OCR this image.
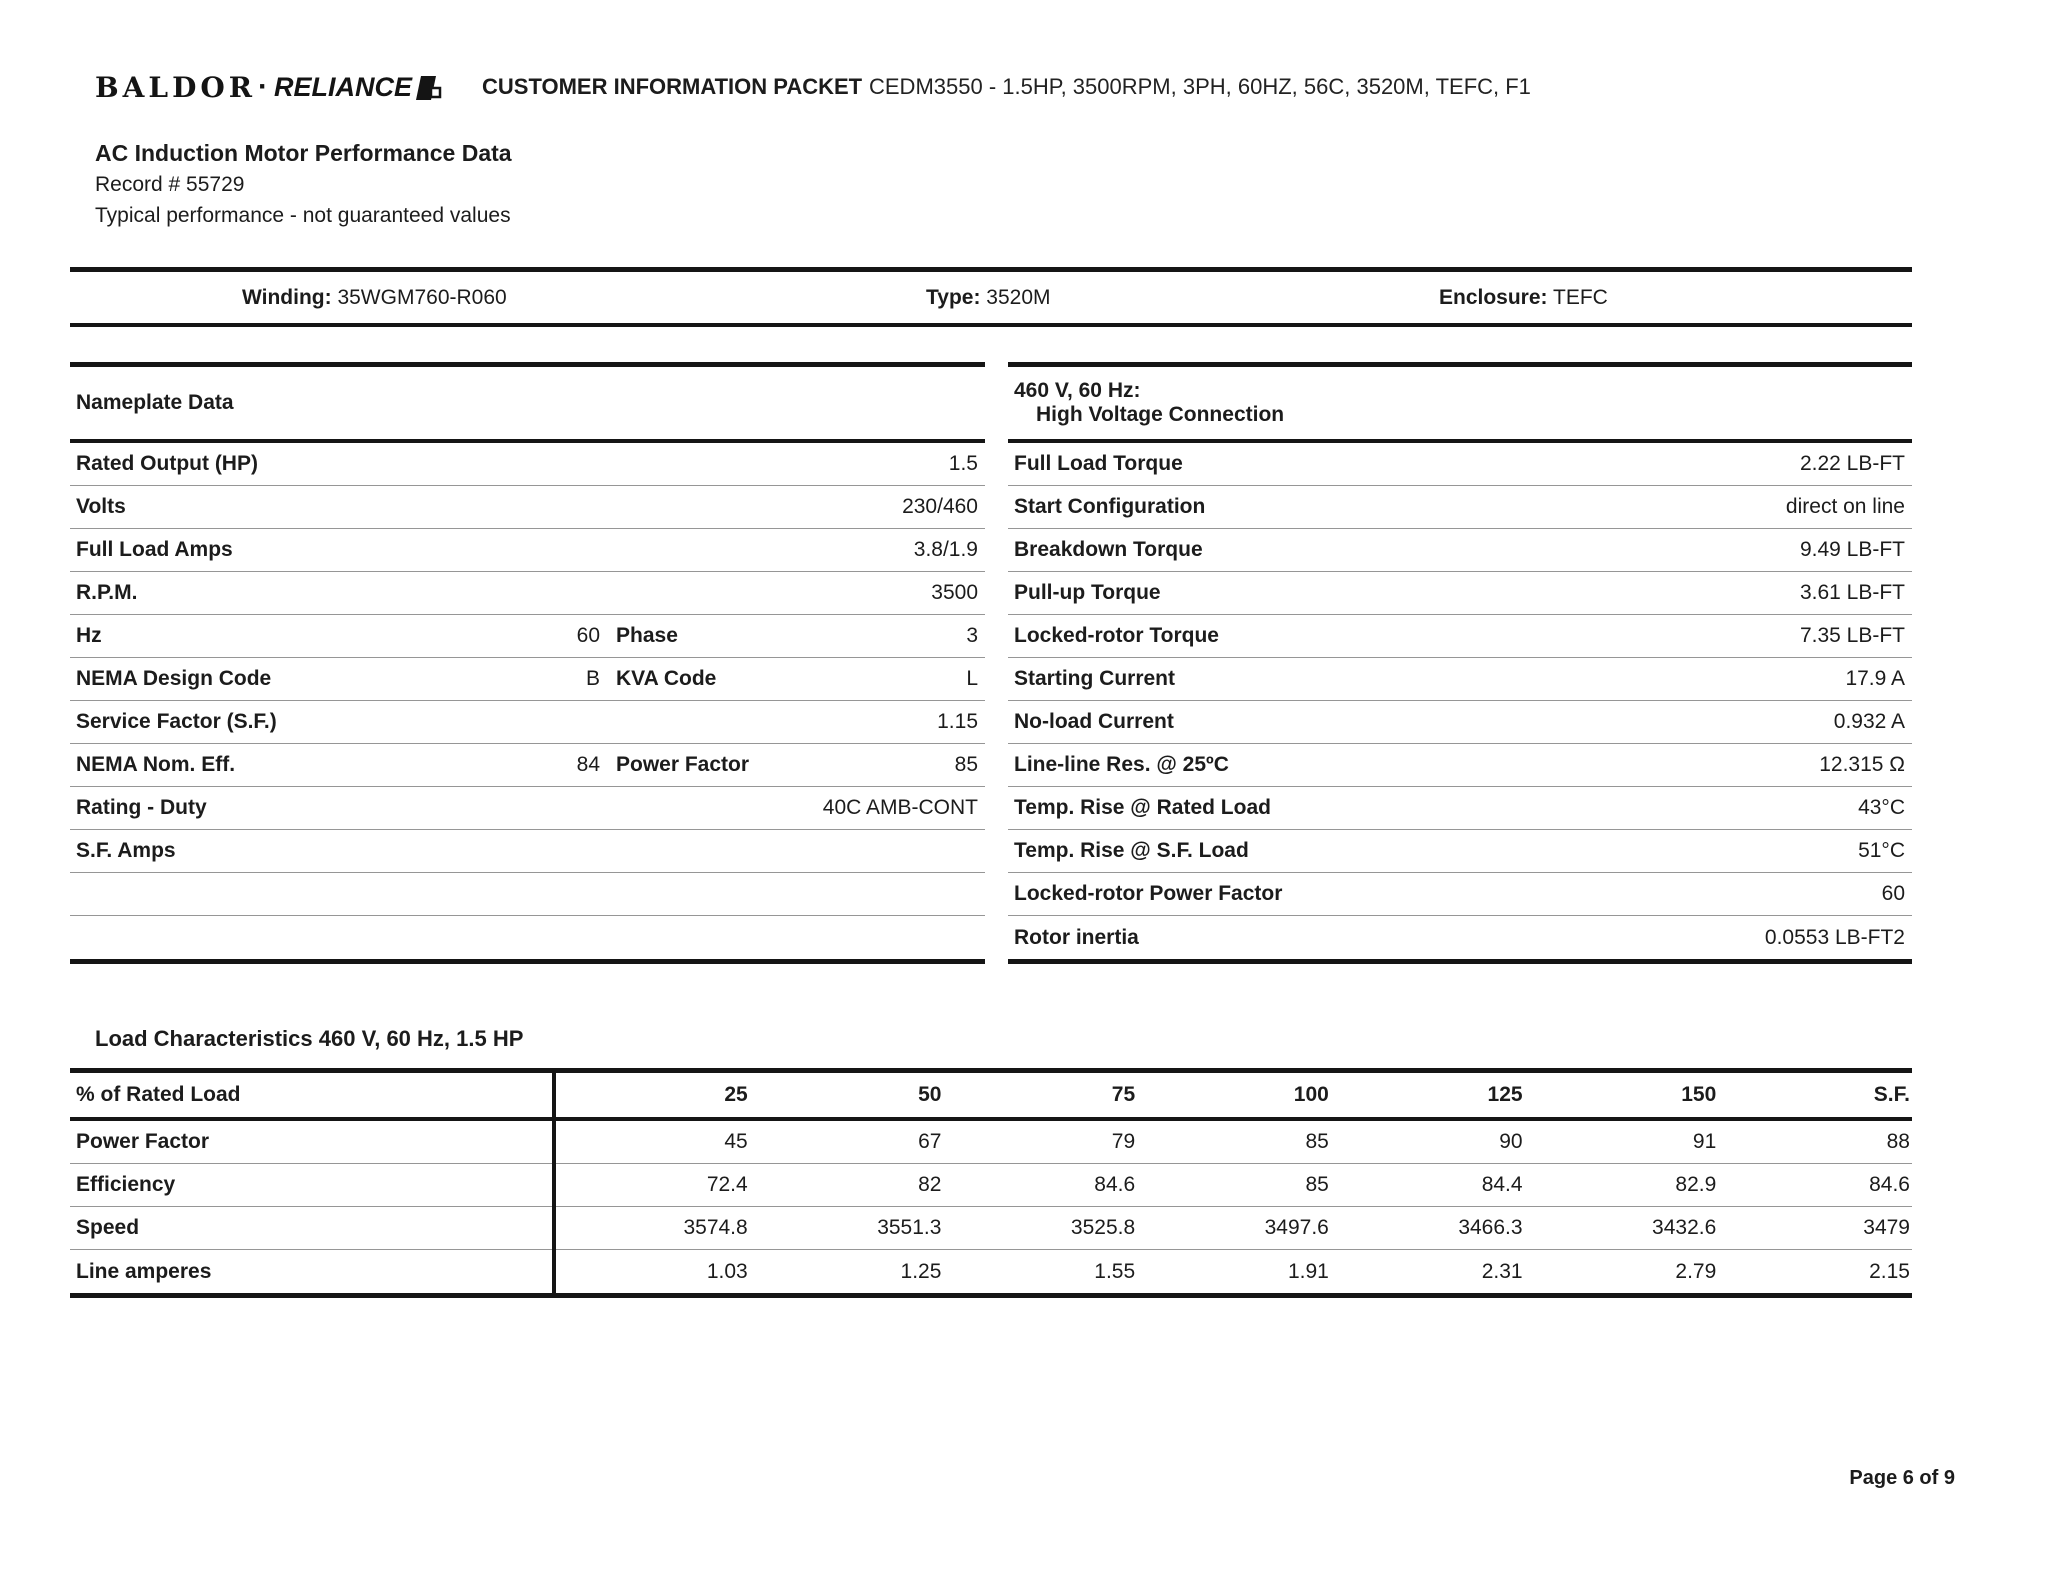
BALDOR · RELIANCE	CUSTOMER INFORMATION PACKET CEDM3550 - 1.5HP, 3500RPM, 3PH, 60HZ, 56C, 3520M, TEFC, F1
AC Induction Motor Performance Data
Record # 55729
Typical performance - not guaranteed values
Winding: 35WGM760-R060	Type: 3520M	Enclosure: TEFC
Nameplate Data
Rated Output (HP)	1.5
Volts	230/460
Full Load Amps	3.8/1.9
R.P.M.	3500
Hz	60 Phase	3
NEMA Design Code	B KVA Code	L
Service Factor (S.F.)	1.15
NEMA Nom. Eff.	84 Power Factor	85
Rating - Duty	40C AMB-CONT
S.F. Amps
460 V, 60 Hz:
High Voltage Connection
Full Load Torque	2.22 LB-FT
Start Configuration	direct on line
Breakdown Torque	9.49 LB-FT
Pull-up Torque	3.61 LB-FT
Locked-rotor Torque	7.35 LB-FT
Starting Current	17.9 A
No-load Current	0.932 A
Line-line Res. @ 25ºC	12.315 Ω
Temp. Rise @ Rated Load	43°C
Temp. Rise @ S.F. Load	51°C
Locked-rotor Power Factor	60
Rotor inertia	0.0553 LB-FT2
Load Characteristics 460 V, 60 Hz, 1.5 HP
% of Rated Load	25	50	75	100	125	150	S.F.
Power Factor	45	67	79	85	90	91	88
Efficiency	72.4	82	84.6	85	84.4	82.9	84.6
Speed	3574.8	3551.3	3525.8	3497.6	3466.3	3432.6	3479
Line amperes	1.03	1.25	1.55	1.91	2.31	2.79	2.15
Page 6 of 9
